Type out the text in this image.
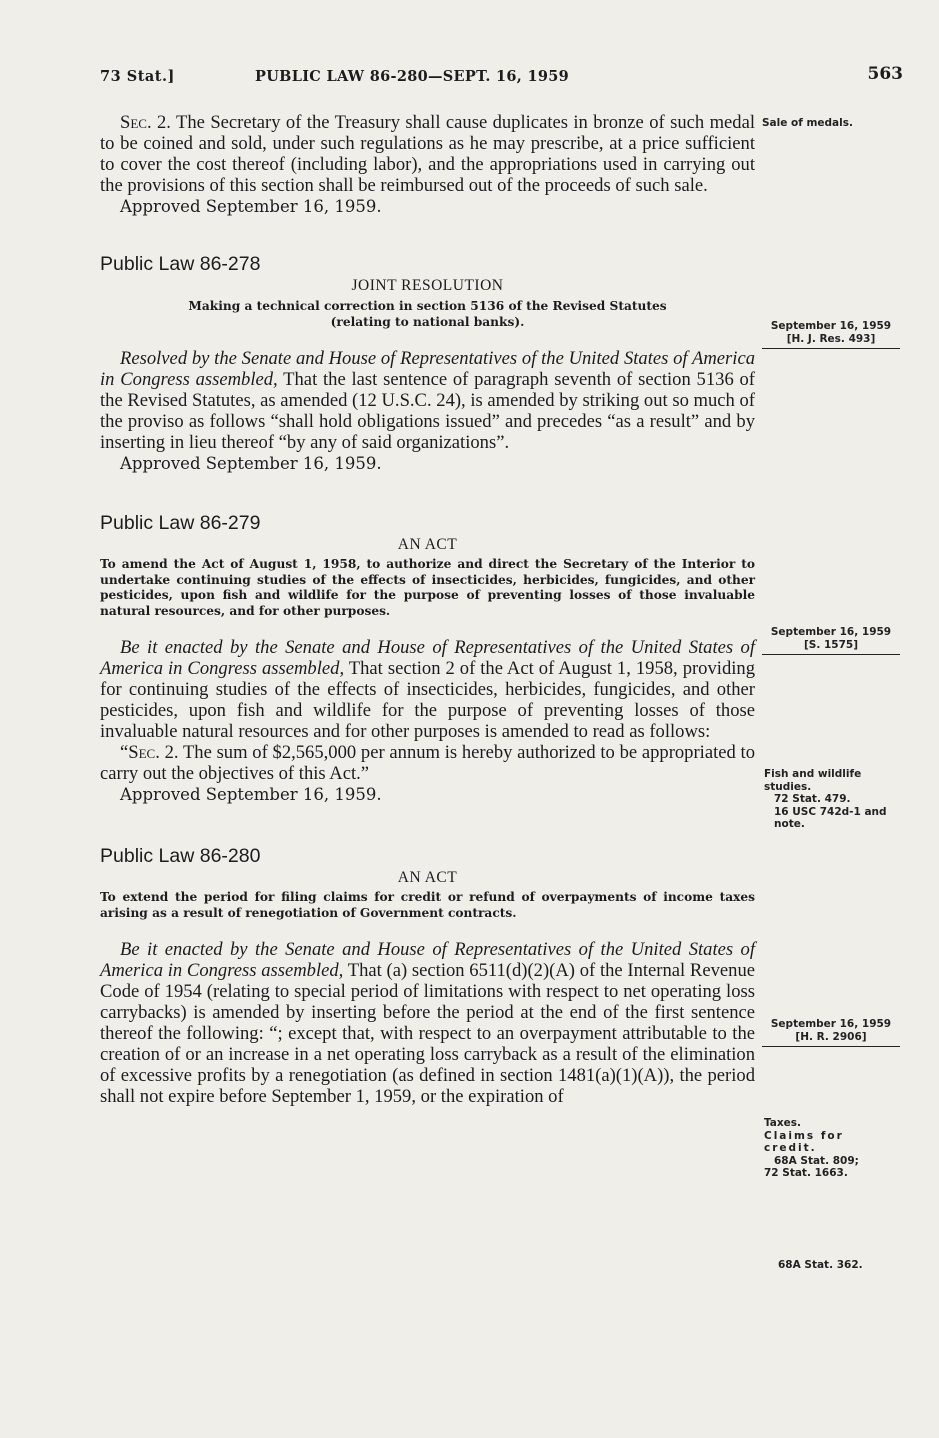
73 Stat.]	PUBLIC LAW 86-280—SEPT. 16, 1959	563
Sale of medals.
September 16, 1959
[H. J. Res. 493]
September 16, 1959
[S. 1575]
Fish and wildlife studies.
72 Stat. 479.
16 USC 742d-1 and note.
September 16, 1959
[H. R. 2906]
Taxes.
Claims for credit.
68A Stat. 809;
72 Stat. 1663.
68A Stat. 362.

Sec. 2. The Secretary of the Treasury shall cause duplicates in bronze of such medal to be coined and sold, under such regulations as he may prescribe, at a price sufficient to cover the cost thereof (including labor), and the appropriations used in carrying out the provisions of this section shall be reimbursed out of the proceeds of such sale.

Approved September 16, 1959.

Public Law 86-278

JOINT RESOLUTION

Making a technical correction in section 5136 of the Revised Statutes

(relating to national banks).

Resolved by the Senate and House of Representatives of the United States of America in Congress assembled, That the last sentence of paragraph seventh of section 5136 of the Revised Statutes, as amended (12 U.S.C. 24), is amended by striking out so much of the proviso as follows “shall hold obligations issued” and precedes “as a result” and by inserting in lieu thereof “by any of said organizations”.

Approved September 16, 1959.

Public Law 86-279

AN ACT

To amend the Act of August 1, 1958, to authorize and direct the Secretary of the Interior to undertake continuing studies of the effects of insecticides, herbicides, fungicides, and other pesticides, upon fish and wildlife for the purpose of preventing losses of those invaluable natural resources, and for other purposes.

Be it enacted by the Senate and House of Representatives of the United States of America in Congress assembled, That section 2 of the Act of August 1, 1958, providing for continuing studies of the effects of insecticides, herbicides, fungicides, and other pesticides, upon fish and wildlife for the purpose of preventing losses of those invaluable natural resources and for other purposes is amended to read as follows:

“Sec. 2. The sum of $2,565,000 per annum is hereby authorized to be appropriated to carry out the objectives of this Act.”

Approved September 16, 1959.

Public Law 86-280

AN ACT

To extend the period for filing claims for credit or refund of overpayments of income taxes arising as a result of renegotiation of Government contracts.

Be it enacted by the Senate and House of Representatives of the United States of America in Congress assembled, That (a) section 6511(d)(2)(A) of the Internal Revenue Code of 1954 (relating to special period of limitations with respect to net operating loss carrybacks) is amended by inserting before the period at the end of the first sentence thereof the following: “; except that, with respect to an overpayment attributable to the creation of or an increase in a net operating loss carryback as a result of the elimination of excessive profits by a renegotiation (as defined in section 1481(a)(1)(A)), the period shall not expire before September 1, 1959, or the expiration of
